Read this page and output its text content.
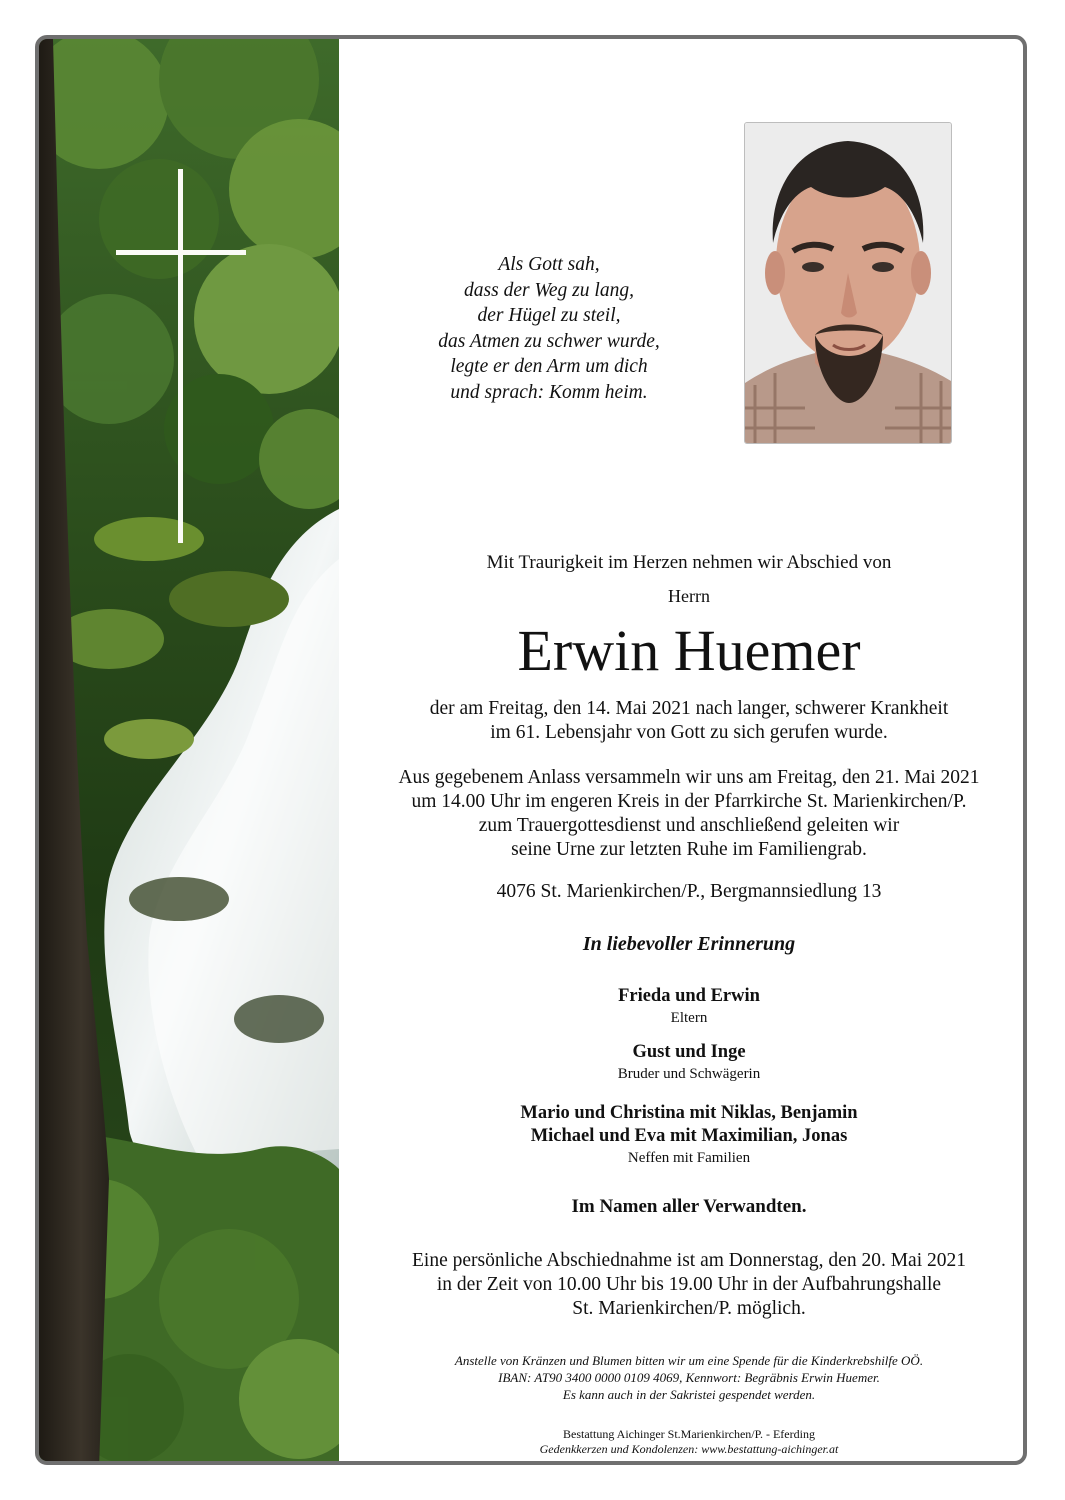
Als Gott sah,
dass der Weg zu lang,
der Hügel zu steil,
das Atmen zu schwer wurde,
legte er den Arm um dich
und sprach: Komm heim.
Mit Traurigkeit im Herzen nehmen wir Abschied von
Herrn
Erwin Huemer
der am Freitag, den 14. Mai 2021 nach langer, schwerer Krankheit
im 61. Lebensjahr von Gott zu sich gerufen wurde.
Aus gegebenem Anlass versammeln wir uns am Freitag, den 21. Mai 2021
um 14.00 Uhr im engeren Kreis in der Pfarrkirche St. Marienkirchen/P.
zum Trauergottesdienst und anschließend geleiten wir
seine Urne zur letzten Ruhe im Familiengrab.
4076 St. Marienkirchen/P., Bergmannsiedlung 13
In liebevoller Erinnerung
Frieda und Erwin
Eltern
Gust und Inge
Bruder und Schwägerin
Mario und Christina mit Niklas, Benjamin
Michael und Eva mit Maximilian, Jonas
Neffen mit Familien
Im Namen aller Verwandten.
Eine persönliche Abschiednahme ist am Donnerstag, den 20. Mai 2021
in der Zeit von 10.00 Uhr bis 19.00 Uhr in der Aufbahrungshalle
St. Marienkirchen/P. möglich.
Anstelle von Kränzen und Blumen bitten wir um eine Spende für die Kinderkrebshilfe OÖ.
IBAN: AT90 3400 0000 0109 4069, Kennwort: Begräbnis Erwin Huemer.
Es kann auch in der Sakristei gespendet werden.
Bestattung Aichinger St.Marienkirchen/P. - Eferding
Gedenkkerzen und Kondolenzen: www.bestattung-aichinger.at
